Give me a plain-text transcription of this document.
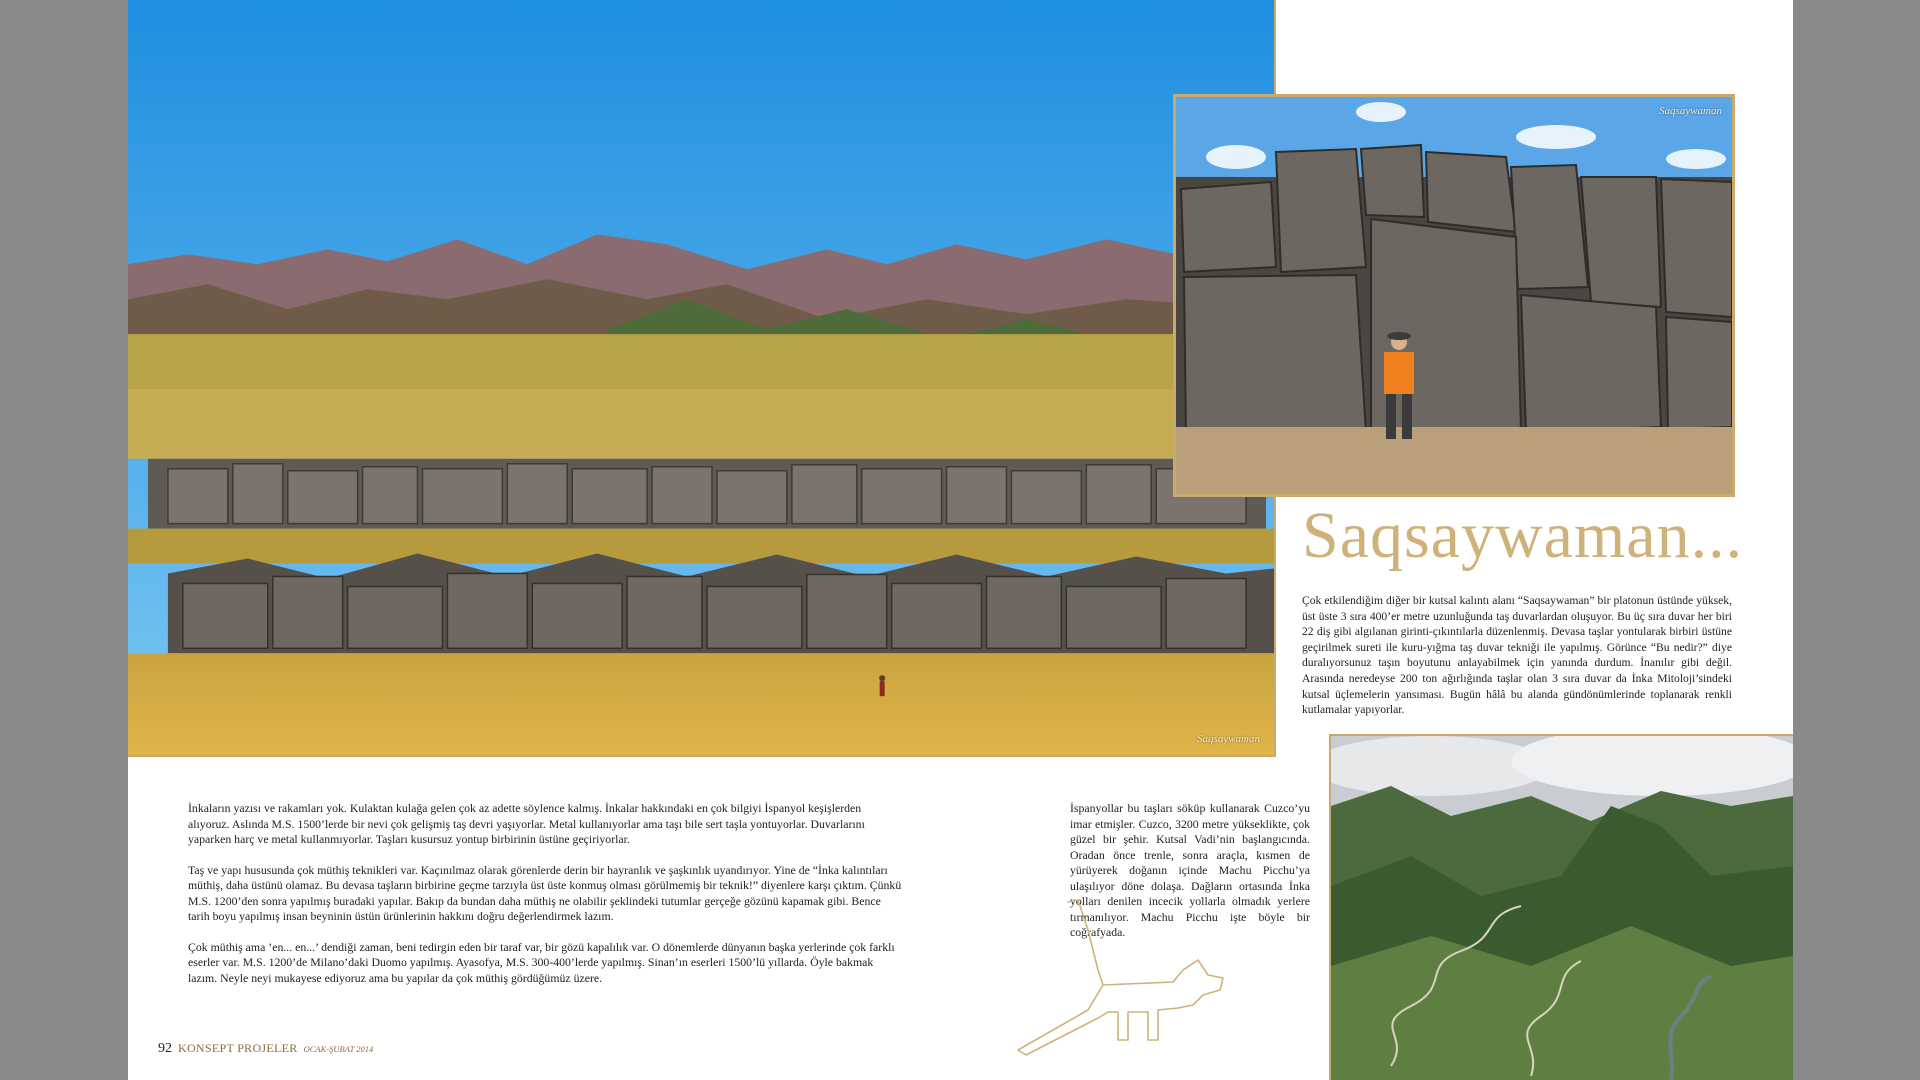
Saqsaywaman
Saqsaywaman
Saqsaywaman...
Çok etkilendiğim diğer bir kutsal kalıntı alanı “Saqsaywaman” bir platonun üstünde yüksek, üst üste 3 sıra 400’er metre uzunluğunda taş duvarlardan oluşuyor. Bu üç sıra duvar her biri 22 diş gibi algılanan girinti-çıkıntılarla düzenlenmiş. Devasa taşlar yontularak birbiri üstüne geçirilmek sureti ile kuru-yığma taş duvar tekniği ile yapılmış. Görünce “Bu nedir?” diye duralıyorsunuz taşın boyutunu anlayabilmek için yanında durdum. İnanılır gibi değil. Arasında neredeyse 200 ton ağırlığında taşlar olan 3 sıra duvar da İnka Mitoloji’sindeki kutsal üçlemelerin yansıması. Bugün hâlâ bu alanda gündönümlerinde toplanarak renkli kutlamalar yapıyorlar.

İnkaların yazısı ve rakamları yok. Kulaktan kulağa gelen çok az adette söylence kalmış. İnkalar hakkındaki en çok bilgiyi İspanyol keşişlerden alıyoruz. Aslında M.S. 1500’lerde bir nevi çok gelişmiş taş devri yaşıyorlar. Metal kullanıyorlar ama taşı bile sert taşla yontuyorlar. Duvarlarını yaparken harç ve metal kullanmıyorlar. Taşları kusursuz yontup birbirinin üstüne geçiriyorlar.

Taş ve yapı hususunda çok müthiş teknikleri var. Kaçınılmaz olarak görenlerde derin bir hayranlık ve şaşkınlık uyandırıyor. Yine de “İnka kalıntıları müthiş, daha üstünü olamaz. Bu devasa taşların birbirine geçme tarzıyla üst üste konmuş olması görülmemiş bir teknik!” diyenlere karşı çıktım. Çünkü M.S. 1200’den sonra yapılmış buradaki yapılar. Bakıp da bundan daha müthiş ne olabilir şeklindeki tutumlar gerçeğe gözünü kapamak gibi. Bence tarih boyu yapılmış insan beyninin üstün ürünlerinin hakkını doğru değerlendirmek lazım.

Çok müthiş ama ’en... en...’ dendiği zaman, beni tedirgin eden bir taraf var, bir gözü kapalılık var. O dönemlerde dünyanın başka yerlerinde çok farklı eserler var. M.S. 1200’de Milano’daki Duomo yapılmış. Ayasofya, M.S. 300-400’lerde yapılmış. Sinan’ın eserleri 1500’lü yıllarda. Öyle bakmak lazım. Neyle neyi mukayese ediyoruz ama bu yapılar da çok müthiş gördüğümüz üzere.

İspanyollar bu taşları söküp kullanarak Cuzco’yu imar etmişler. Cuzco, 3200 metre yükseklikte, çok güzel bir şehir. Kutsal Vadi’nin başlangıcında. Oradan önce trenle, sonra araçla, kısmen de yürüyerek doğanın içinde Machu Picchu’ya ulaşılıyor döne dolaşa. Dağların ortasında İnka yolları denilen incecik yollarla olmadık yerlere tırmanılıyor. Machu Picchu işte böyle bir coğrafyada.

92 KONSEPT PROJELER OCAK-ŞUBAT 2014
